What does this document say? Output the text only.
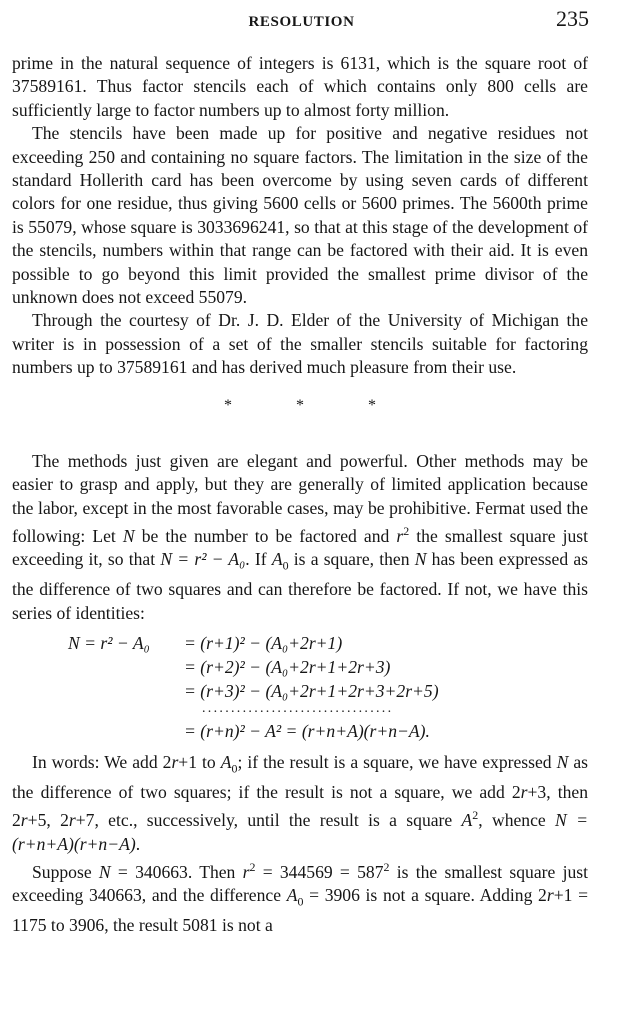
RESOLUTION	235

prime in the natural sequence of integers is 6131, which is the square root of 37589161. Thus factor stencils each of which contains only 800 cells are sufficiently large to factor numbers up to almost forty million.

The stencils have been made up for positive and negative residues not exceeding 250 and containing no square factors. The limitation in the size of the standard Hollerith card has been overcome by using seven cards of different colors for one residue, thus giving 5600 cells or 5600 primes. The 5600th prime is 55079, whose square is 3033696241, so that at this stage of the development of the stencils, numbers within that range can be factored with their aid. It is even possible to go beyond this limit provided the smallest prime divisor of the unknown does not exceed 55079.

Through the courtesy of Dr. J. D. Elder of the University of Michigan the writer is in possession of a set of the smaller stencils suitable for factoring numbers up to 37589161 and has derived much pleasure from their use.

* * *

The methods just given are elegant and powerful. Other methods may be easier to grasp and apply, but they are generally of limited application because the labor, except in the most favorable cases, may be prohibitive. Fermat used the following: Let N be the number to be factored and $r^2$ the smallest square just exceeding it, so that N = r² − A₀. If $A_0$ is a square, then N has been expressed as the difference of two squares and can therefore be factored. If not, we have this series of identities:

N = r² − A₀ = (r+1)² − (A₀+2r+1)
= (r+2)² − (A₀+2r+1+2r+3)
= (r+3)² − (A₀+2r+1+2r+3+2r+5)
.................................
= (r+n)² − A² = (r+n+A)(r+n−A).

In words: We add 2r+1 to $A_0$; if the result is a square, we have expressed N as the difference of two squares; if the result is not a square, we add 2r+3, then 2r+5, 2r+7, etc., successively, until the result is a square $A^2$, whence N = (r+n+A)(r+n−A).

Suppose N = 340663. Then $r^2 = 344569 = 587^2$ is the smallest square just exceeding 340663, and the difference $A_0 = 3906$ is not a square. Adding 2r+1 = 1175 to 3906, the result 5081 is not a
